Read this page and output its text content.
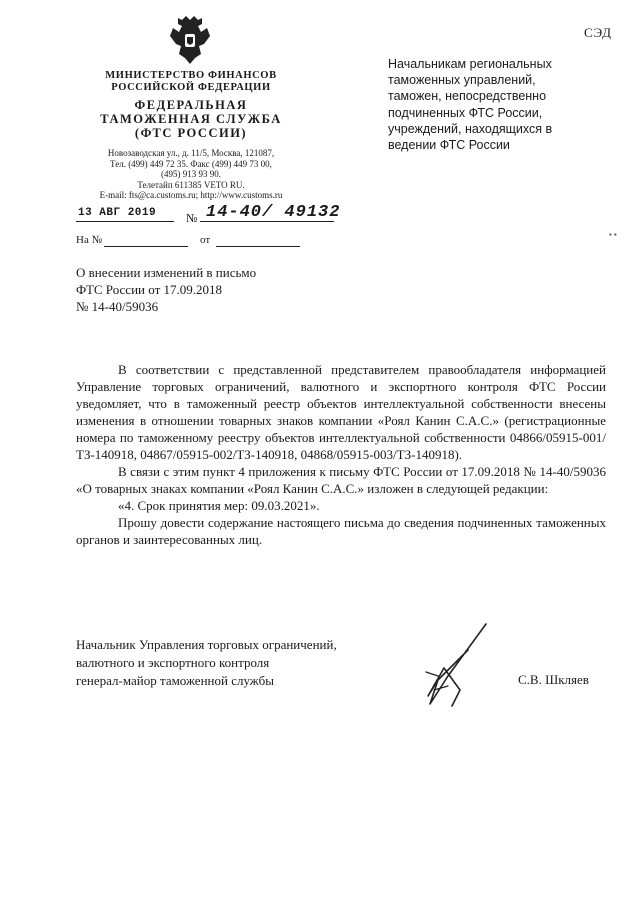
СЭД
МИНИСТЕРСТВО ФИНАНСОВ
РОССИЙСКОЙ ФЕДЕРАЦИИ
ФЕДЕРАЛЬНАЯ
ТАМОЖЕННАЯ СЛУЖБА
(ФТС РОССИИ)
Новозаводская ул., д. 11/5, Москва, 121087,
Тел. (499) 449 72 35. Факс (499) 449 73 00,
(495) 913 93 90.
Телетайп 611385 VETO RU.
E-mail: fts@ca.customs.ru; http://www.customs.ru
13 АВГ 2019 № 14-40/ 49132
На №	от	▪ ▪
Начальникам региональных
таможенных управлений,
таможен, непосредственно
подчиненных ФТС России,
учреждений, находящихся в
ведении ФТС России
О внесении изменений в письмо
ФТС России от 17.09.2018
№ 14-40/59036

В соответствии с представленной представителем правообладателя информацией Управление торговых ограничений, валютного и экспортного контроля ФТС России уведомляет, что в таможенный реестр объектов интеллектуальной собственности внесены изменения в отношении товарных знаков компании «Роял Канин С.А.С.» (регистрационные номера по таможенному реестру объектов интеллектуальной собственности 04866/05915-001/ТЗ-140918, 04867/05915-002/ТЗ-140918, 04868/05915-003/ТЗ-140918).

В связи с этим пункт 4 приложения к письму ФТС России от 17.09.2018 № 14-40/59036 «О товарных знаках компании «Роял Канин С.А.С.» изложен в следующей редакции:

«4. Срок принятия мер: 09.03.2021».

Прошу довести содержание настоящего письма до сведения подчиненных таможенных органов и заинтересованных лиц.

Начальник Управления торговых ограничений,
валютного и экспортного контроля
генерал-майор таможенной службы	С.В. Шкляев
